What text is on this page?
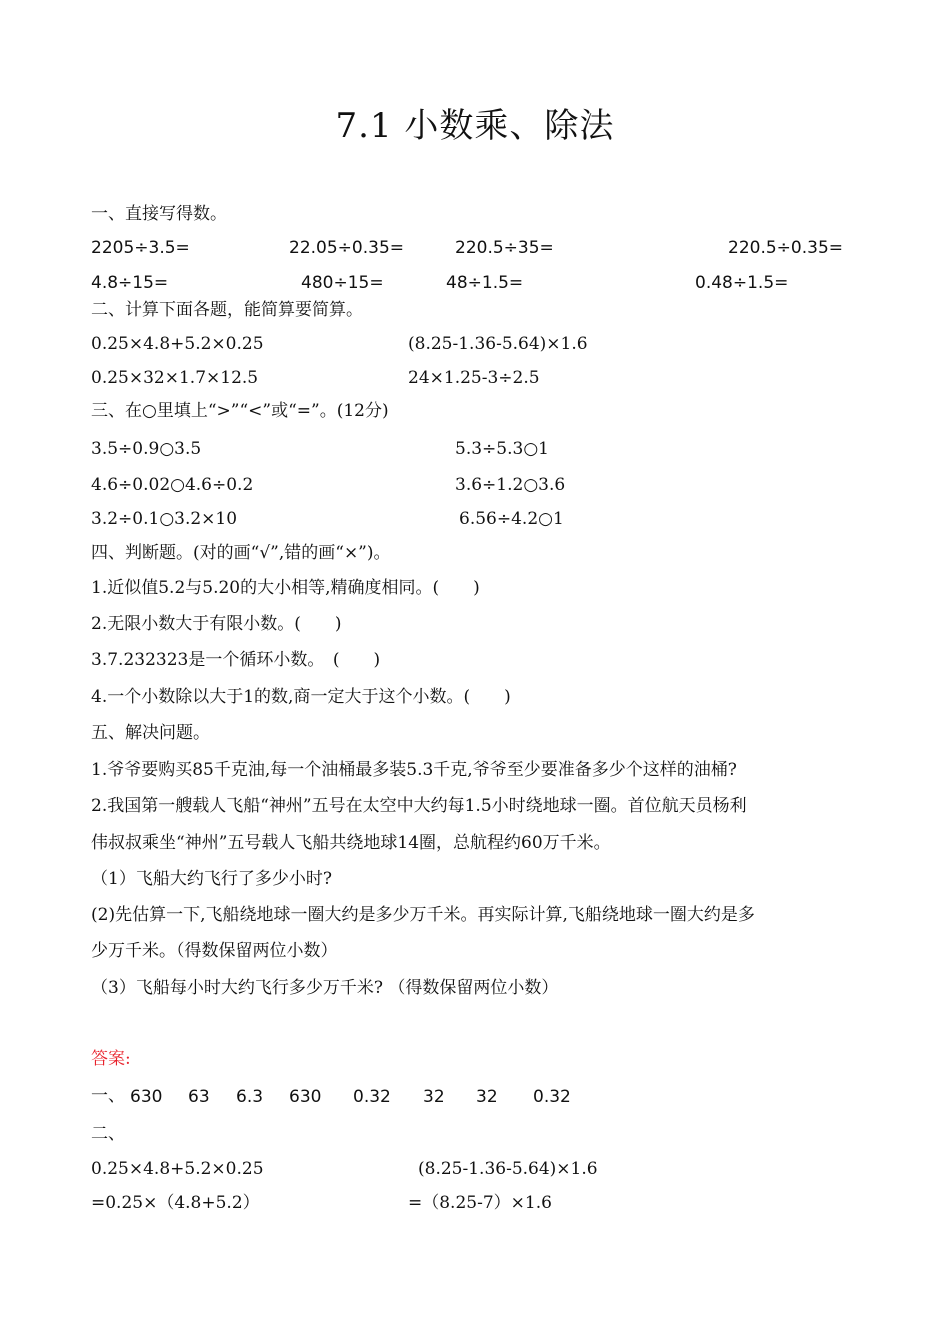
7.1 小数乘、除法
一、直接写得数。
2205÷3.5=	22.05÷0.35=	220.5÷35=	220.5÷0.35=
4.8÷15=	480÷15=	48÷1.5=	0.48÷1.5=
二、计算下面各题，能简算要简算。
0.25×4.8+5.2×0.25	(8.25-1.36-5.64)×1.6
0.25×32×1.7×12.5	24×1.25-3÷2.5
三、在○里填上“>”“<”或“=”。(12分)
3.5÷0.9○3.5	5.3÷5.3○1
4.6÷0.02○4.6÷0.2	3.6÷1.2○3.6
3.2÷0.1○3.2×10	6.56÷4.2○1
四、判断题。(对的画“√”,错的画“×”)。
1.近似值5.2与5.20的大小相等,精确度相同。(　　)
2.无限小数大于有限小数。(　　)
3.7.232323是一个循环小数。　(　　)
4.一个小数除以大于1的数,商一定大于这个小数。(　　)
五、解决问题。
1.爷爷要购买85千克油,每一个油桶最多装5.3千克,爷爷至少要准备多少个这样的油桶?
2.我国第一艘载人飞船“神州”五号在太空中大约每1.5小时绕地球一圈。首位航天员杨利
伟叔叔乘坐“神州”五号载人飞船共绕地球14圈，总航程约60万千米。
（1）飞船大约飞行了多少小时?
(2)先估算一下,飞船绕地球一圈大约是多少万千米。再实际计算,飞船绕地球一圈大约是多
少万千米。（得数保留两位小数）
（3）飞船每小时大约飞行多少万千米? （得数保留两位小数）
答案:
一、 630 63 6.3 630 0.32 32 32 0.32
二、
0.25×4.8+5.2×0.25	(8.25-1.36-5.64)×1.6
=0.25×（4.8+5.2）	=（8.25-7）×1.6
